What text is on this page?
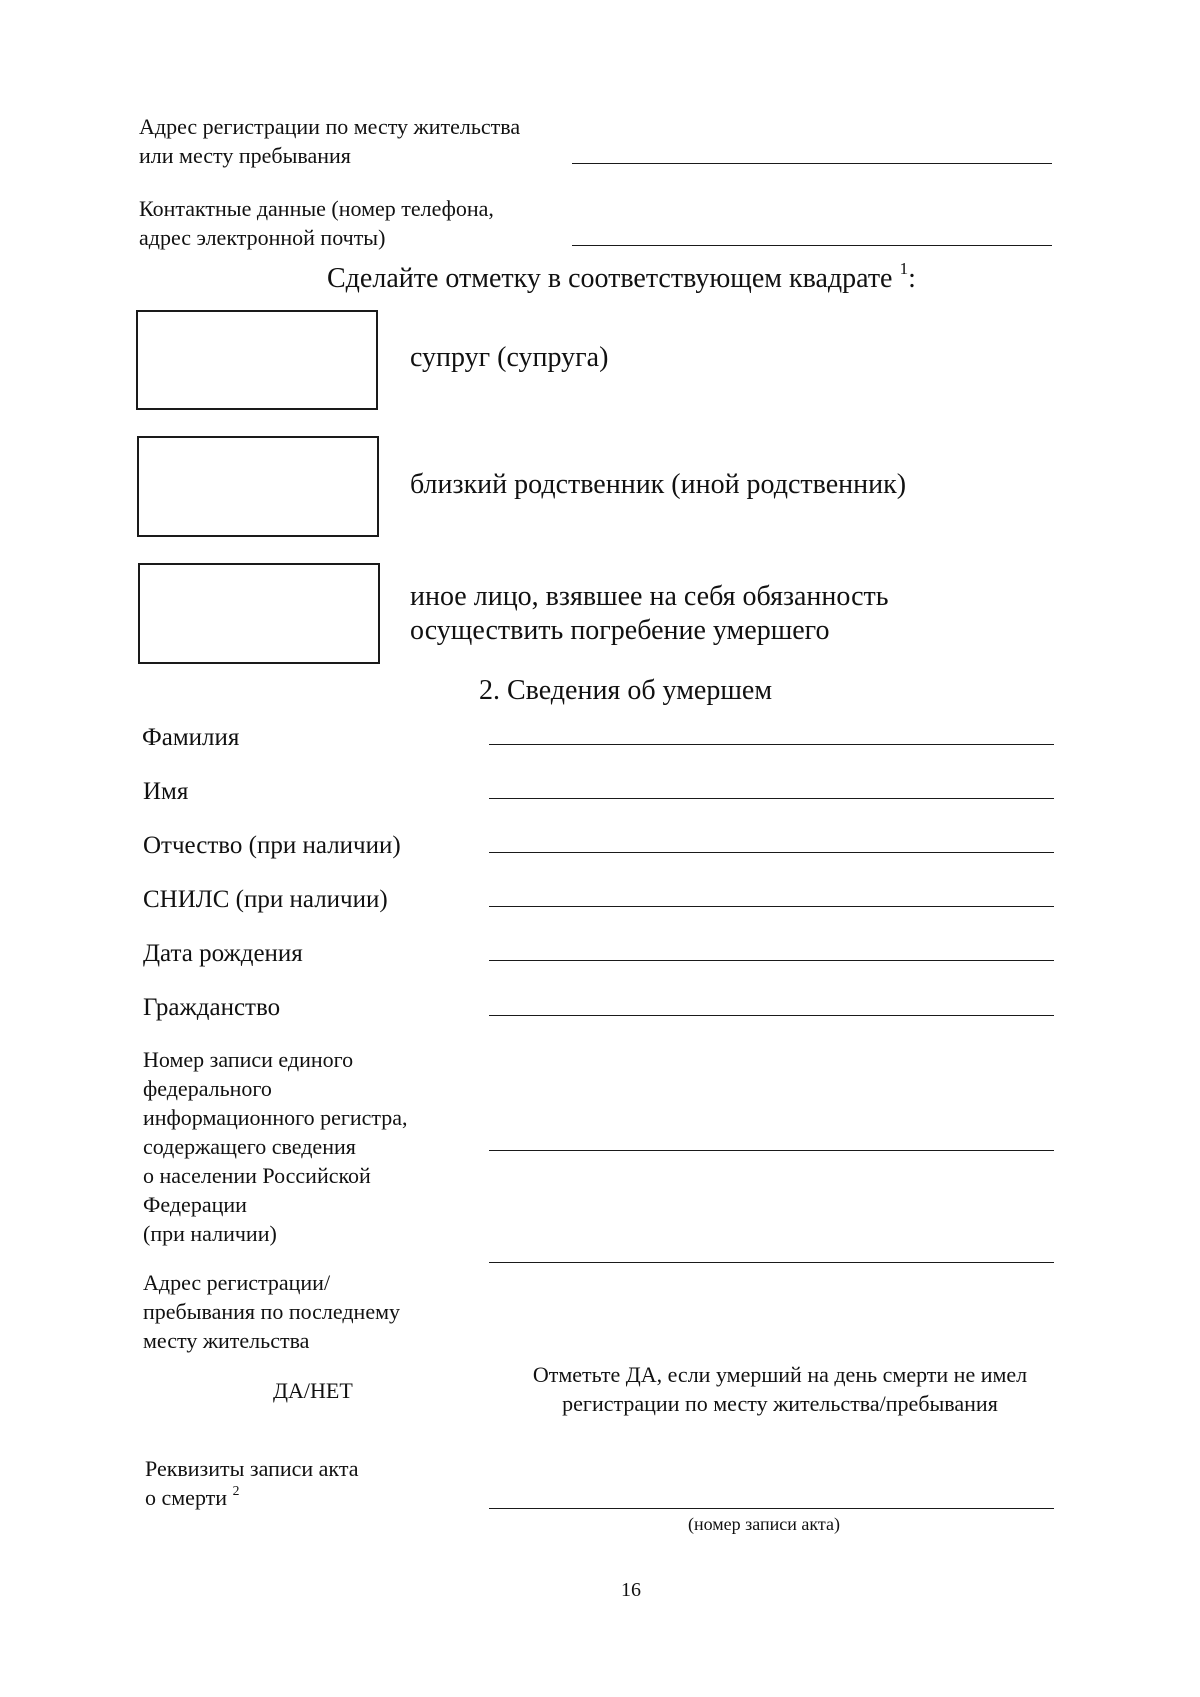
Адрес регистрации по месту жительства
или месту пребывания
Контактные данные (номер телефона,
адрес электронной почты)
Сделайте отметку в соответствующем квадрате $^1$:
супруг (супруга)
близкий родственник (иной родственник)
иное лицо, взявшее на себя обязанность
осуществить погребение умершего
2. Сведения об умершем
Фамилия
Имя
Отчество (при наличии)
СНИЛС (при наличии)
Дата рождения
Гражданство
Номер записи единого
федерального
информационного регистра,
содержащего сведения
о населении Российской
Федерации
(при наличии)
Адрес регистрации/
пребывания по последнему
месту жительства
ДА/НЕТ
Отметьте ДА, если умерший на день смерти не имел
регистрации по месту жительства/пребывания
Реквизиты записи акта
о смерти $^2$
(номер записи акта)
16
